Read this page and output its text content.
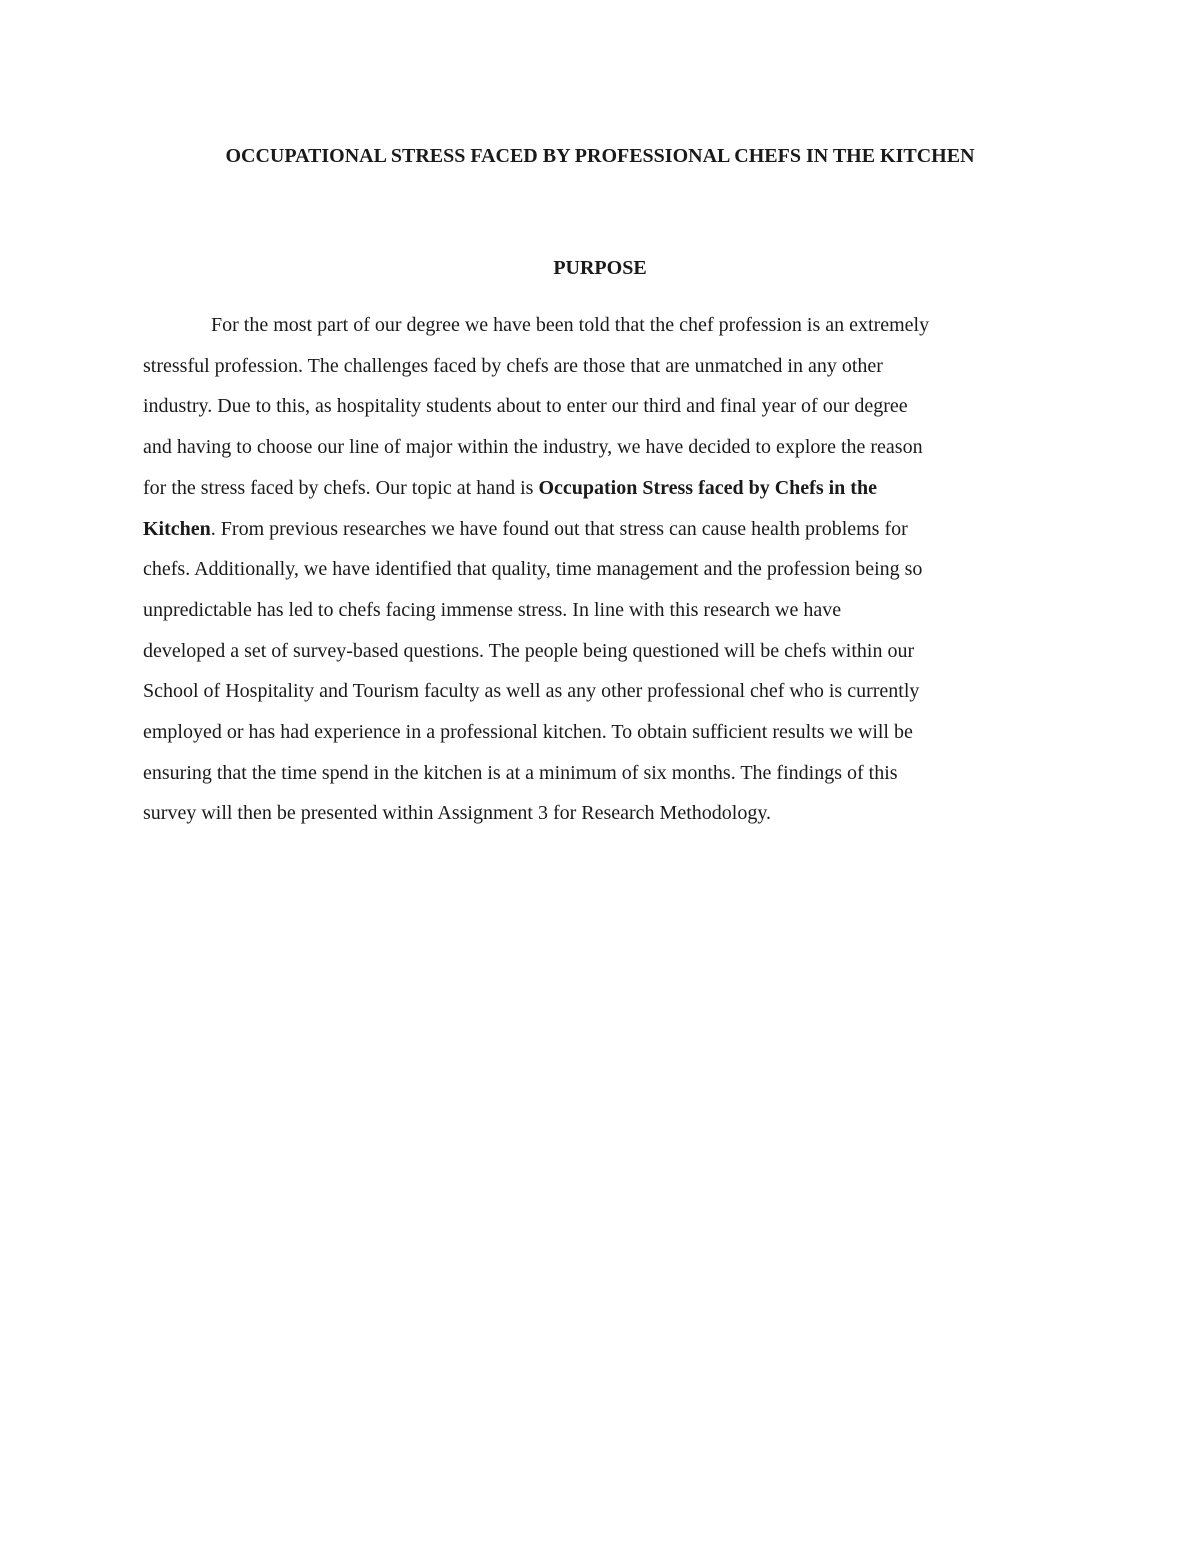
OCCUPATIONAL STRESS FACED BY PROFESSIONAL CHEFS IN THE KITCHEN
PURPOSE
For the most part of our degree we have been told that the chef profession is an extremely
stressful profession. The challenges faced by chefs are those that are unmatched in any other
industry. Due to this, as hospitality students about to enter our third and final year of our degree
and having to choose our line of major within the industry, we have decided to explore the reason
for the stress faced by chefs. Our topic at hand is Occupation Stress faced by Chefs in the
Kitchen. From previous researches we have found out that stress can cause health problems for
chefs. Additionally, we have identified that quality, time management and the profession being so
unpredictable has led to chefs facing immense stress. In line with this research we have
developed a set of survey-based questions. The people being questioned will be chefs within our
School of Hospitality and Tourism faculty as well as any other professional chef who is currently
employed or has had experience in a professional kitchen. To obtain sufficient results we will be
ensuring that the time spend in the kitchen is at a minimum of six months. The findings of this
survey will then be presented within Assignment 3 for Research Methodology.
